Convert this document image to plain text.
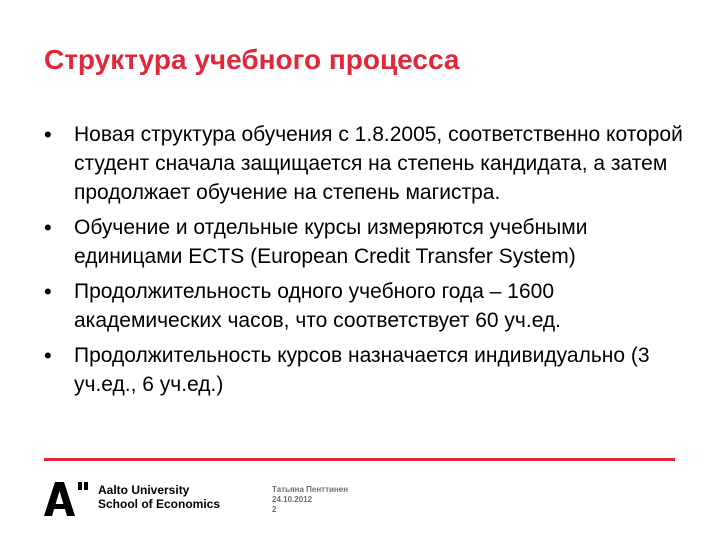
Структура учебного процесса
• Новая структура обучения с 1.8.2005, соответственно которой студент сначала защищается на степень кандидата, а затем продолжает обучение на степень магистра.
• Обучение и отдельные курсы измеряются учебными единицами ECTS (European Credit Transfer System)
• Продолжительность одного учебного года – 1600 академических часов, что соответствует 60 уч.ед.
• Продолжительность курсов назначается индивидуально (3 уч.ед., 6 уч.ед.)
Aalto University
School of Economics
Татьяна Пенттинен
24.10.2012
2
